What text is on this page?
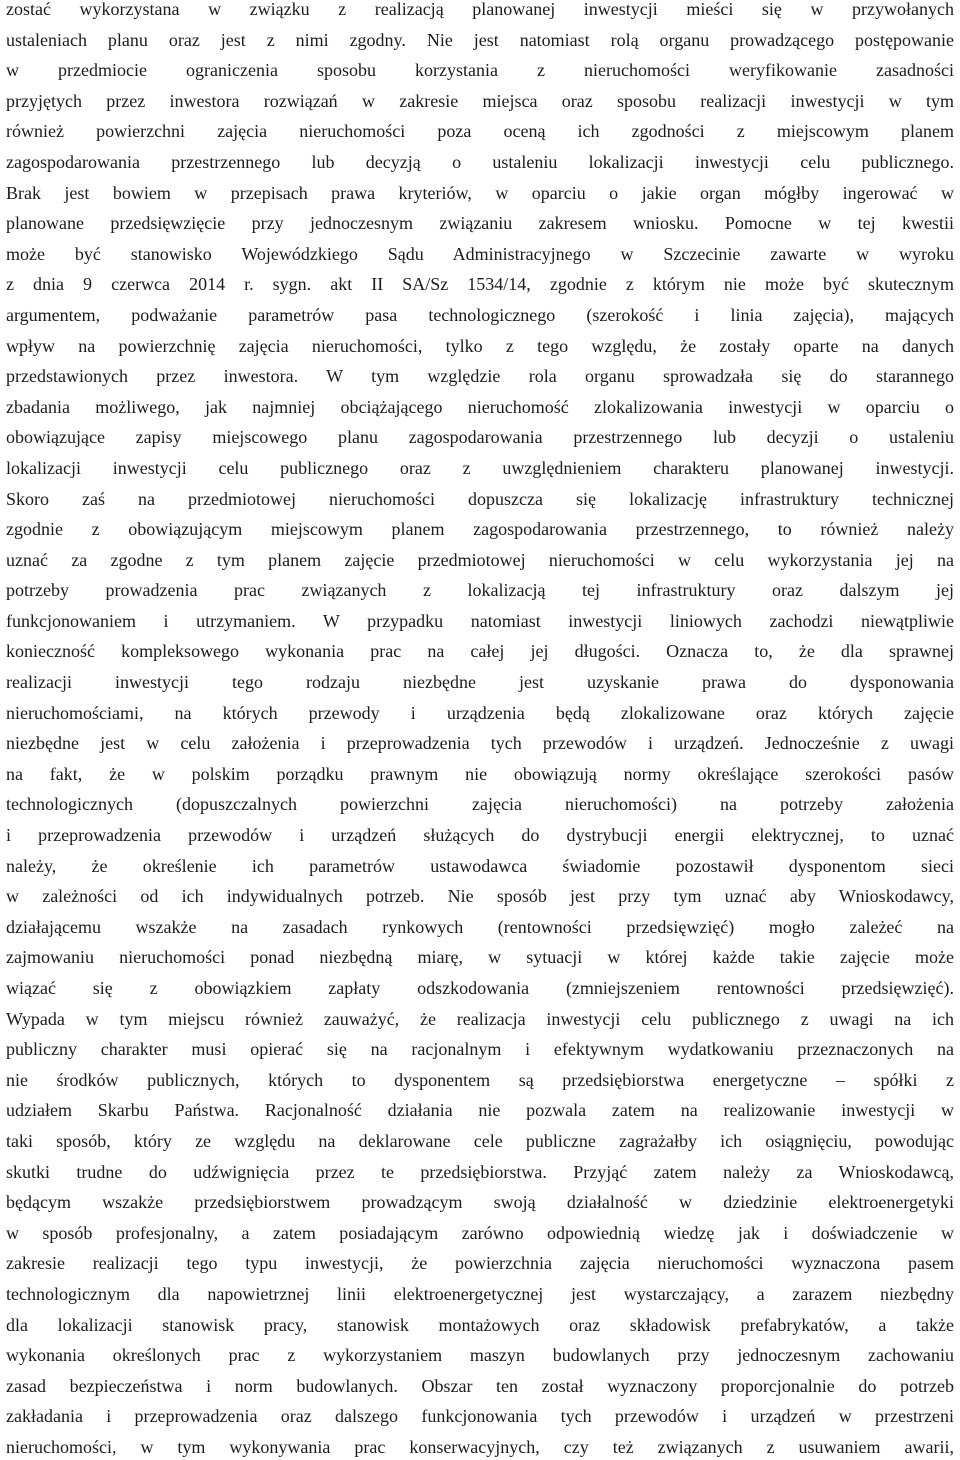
zostać wykorzystana w związku z realizacją planowanej inwestycji mieści się w przywołanych
ustaleniach planu oraz jest z nimi zgodny. Nie jest natomiast rolą organu prowadzącego postępowanie
w przedmiocie ograniczenia sposobu korzystania z nieruchomości weryfikowanie zasadności
przyjętych przez inwestora rozwiązań w zakresie miejsca oraz sposobu realizacji inwestycji w tym
również powierzchni zajęcia nieruchomości poza oceną ich zgodności z miejscowym planem
zagospodarowania przestrzennego lub decyzją o ustaleniu lokalizacji inwestycji celu publicznego.
Brak jest bowiem w przepisach prawa kryteriów, w oparciu o jakie organ mógłby ingerować w
planowane przedsięwzięcie przy jednoczesnym związaniu zakresem wniosku. Pomocne w tej kwestii
może być stanowisko Wojewódzkiego Sądu Administracyjnego w Szczecinie zawarte w wyroku
z dnia 9 czerwca 2014 r. sygn. akt II SA/Sz 1534/14, zgodnie z którym nie może być skutecznym
argumentem, podważanie parametrów pasa technologicznego (szerokość i linia zajęcia), mających
wpływ na powierzchnię zajęcia nieruchomości, tylko z tego względu, że zostały oparte na danych
przedstawionych przez inwestora. W tym względzie rola organu sprowadzała się do starannego
zbadania możliwego, jak najmniej obciążającego nieruchomość zlokalizowania inwestycji w oparciu o
obowiązujące zapisy miejscowego planu zagospodarowania przestrzennego lub decyzji o ustaleniu
lokalizacji inwestycji celu publicznego oraz z uwzględnieniem charakteru planowanej inwestycji.
Skoro zaś na przedmiotowej nieruchomości dopuszcza się lokalizację infrastruktury technicznej
zgodnie z obowiązującym miejscowym planem zagospodarowania przestrzennego, to również należy
uznać za zgodne z tym planem zajęcie przedmiotowej nieruchomości w celu wykorzystania jej na
potrzeby prowadzenia prac związanych z lokalizacją tej infrastruktury oraz dalszym jej
funkcjonowaniem i utrzymaniem. W przypadku natomiast inwestycji liniowych zachodzi niewątpliwie
konieczność kompleksowego wykonania prac na całej jej długości. Oznacza to, że dla sprawnej
realizacji inwestycji tego rodzaju niezbędne jest uzyskanie prawa do dysponowania
nieruchomościami, na których przewody i urządzenia będą zlokalizowane oraz których zajęcie
niezbędne jest w celu założenia i przeprowadzenia tych przewodów i urządzeń. Jednocześnie z uwagi
na fakt, że w polskim porządku prawnym nie obowiązują normy określające szerokości pasów
technologicznych (dopuszczalnych powierzchni zajęcia nieruchomości) na potrzeby założenia
i przeprowadzenia przewodów i urządzeń służących do dystrybucji energii elektrycznej, to uznać
należy, że określenie ich parametrów ustawodawca świadomie pozostawił dysponentom sieci
w zależności od ich indywidualnych potrzeb. Nie sposób jest przy tym uznać aby Wnioskodawcy,
działającemu wszakże na zasadach rynkowych (rentowności przedsięwzięć) mogło zależeć na
zajmowaniu nieruchomości ponad niezbędną miarę, w sytuacji w której każde takie zajęcie może
wiązać się z obowiązkiem zapłaty odszkodowania (zmniejszeniem rentowności przedsięwzięć).
Wypada w tym miejscu również zauważyć, że realizacja inwestycji celu publicznego z uwagi na ich
publiczny charakter musi opierać się na racjonalnym i efektywnym wydatkowaniu przeznaczonych na
nie środków publicznych, których to dysponentem są przedsiębiorstwa energetyczne – spółki z
udziałem Skarbu Państwa. Racjonalność działania nie pozwala zatem na realizowanie inwestycji w
taki sposób, który ze względu na deklarowane cele publiczne zagrażałby ich osiągnięciu, powodując
skutki trudne do udźwignięcia przez te przedsiębiorstwa. Przyjąć zatem należy za Wnioskodawcą,
będącym wszakże przedsiębiorstwem prowadzącym swoją działalność w dziedzinie elektroenergetyki
w sposób profesjonalny, a zatem posiadającym zarówno odpowiednią wiedzę jak i doświadczenie w
zakresie realizacji tego typu inwestycji, że powierzchnia zajęcia nieruchomości wyznaczona pasem
technologicznym dla napowietrznej linii elektroenergetycznej jest wystarczający, a zarazem niezbędny
dla lokalizacji stanowisk pracy, stanowisk montażowych oraz składowisk prefabrykatów, a także
wykonania określonych prac z wykorzystaniem maszyn budowlanych przy jednoczesnym zachowaniu
zasad bezpieczeństwa i norm budowlanych. Obszar ten został wyznaczony proporcjonalnie do potrzeb
zakładania i przeprowadzenia oraz dalszego funkcjonowania tych przewodów i urządzeń w przestrzeni
nieruchomości, w tym wykonywania prac konserwacyjnych, czy też związanych z usuwaniem awarii,
